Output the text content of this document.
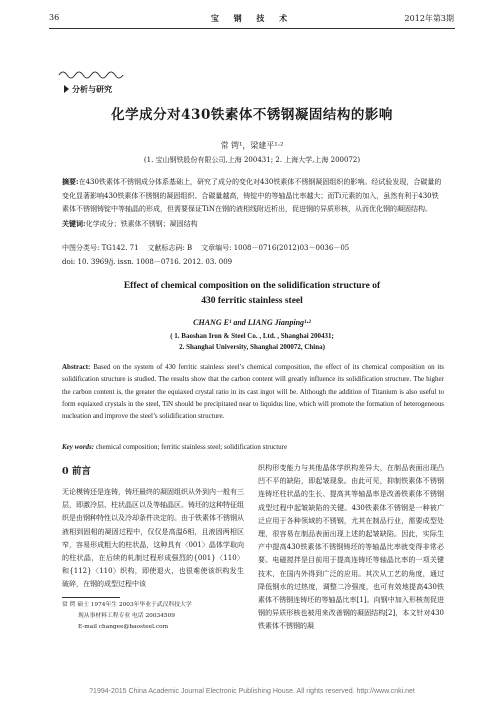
36	宝 钢 技 术	2012年第3期
分析与研究
化学成分对430铁素体不锈钢凝固结构的影响
常 锷¹，梁建平¹·²
(1. 宝山钢铁股份有限公司,上海 200431; 2. 上海大学,上海 200072)
摘要:在430铁素体不锈钢成分体系基础上，研究了成分的变化对430铁素体不锈钢凝固组织的影响。经试验发现，合碳量的变化显著影响430铁素体不锈钢的凝固组织、合碳量越高，铸锭中的等轴晶比率越大；而Ti元素的加入，虽然有利于430铁素体不锈钢铸锭中等轴晶的形成，但需要保证TiN在钢的液相线附近析出，促进钢的异质形核，从而优化钢的凝固结构。
关键词:化学成分；铁素体不锈钢；凝固结构
中图分类号: TG142. 71 文献标志码: B 文章编号: 1008－0716(2012)03－0036－05
doi: 10. 3969/j. issn. 1008－0716. 2012. 03. 009
Effect of chemical composition on the solidification structure of
430 ferritic stainless steel
CHANG E¹ and LIANG Jianping¹·²
( 1. Baoshan Iron & Steel Co. , Ltd. , Shanghai 200431;
2. Shanghai University, Shanghai 200072, China)
Abstract: Based on the system of 430 ferritic stainless steel’s chemical composition, the effect of its chemical composition on its solidification structure is studied. The results show that the carbon content will greatly influence its solidification structure. The higher the carbon content is, the greater the equiaxed crystal ratio in its cast ingot will be. Although the addition of Titanium is also useful to form equiaxed crystals in the steel, TiN should be precipitated near to liquidus line, which will promote the formation of heterogeneous nucleation and improve the steel’s solidification structure.
Key words: chemical composition; ferritic stainless steel; solidification structure
0 前言
无论模铸还是连铸，铸坯最终的凝固组织从外到内一般有三层，即激冷层、柱状晶区以及等轴晶区。铸坯的这种特征组织是由钢种特性以及冷却条件决定的。由于铁素体不锈钢从液相到固相的凝固过程中，仅仅是高温δ相，且液固两相区窄，容易形成粗大的柱状晶，这种具有〈001〉晶体学取向的柱状晶，在后续的轧制过程形成强烈的{001}〈110〉和{112}〈110〉织构，即使退火，也很难使该织构发生破碎，在钢的成型过程中该
织构形变能力与其他晶体学织构差异大，在制品表面出现凸凹不平的缺陷，即起皱现象。由此可见，抑制铁素体不锈钢连铸坯柱状晶的生长、提高其等轴晶率是改善铁素体不锈钢成型过程中起皱缺陷的关键。430铁素体不锈钢是一种被广泛应用于各种领域的不锈钢，尤其在制品行业，需要成型处理，很容易在制品表面出现上述的起皱缺陷。因此，实际生产中提高430铁素体不锈钢铸坯的等轴晶比率就变得非常必要。电磁搅拌是目前用于提高连铸坯等轴晶比率的一项关键技术，在国内外得到广泛的应用。其次从工艺的角度，通过降低钢水的过热度，调整二冷强度，也可有效地提高430铁素体不锈钢连铸坯的等轴晶比率[1]。向钢中加入形核剂促进钢的异质形核也被用来改善钢的凝固结构[2]，本文针对430铁素体不锈钢的凝
常 锷 硕士 1974年生 2003年毕业于武汉科技大学
现从事材料工程专业 电话 20034509
E-mail changee@baosteel.com
?1994-2015 China Academic Journal Electronic Publishing House. All rights reserved. http://www.cnki.net
